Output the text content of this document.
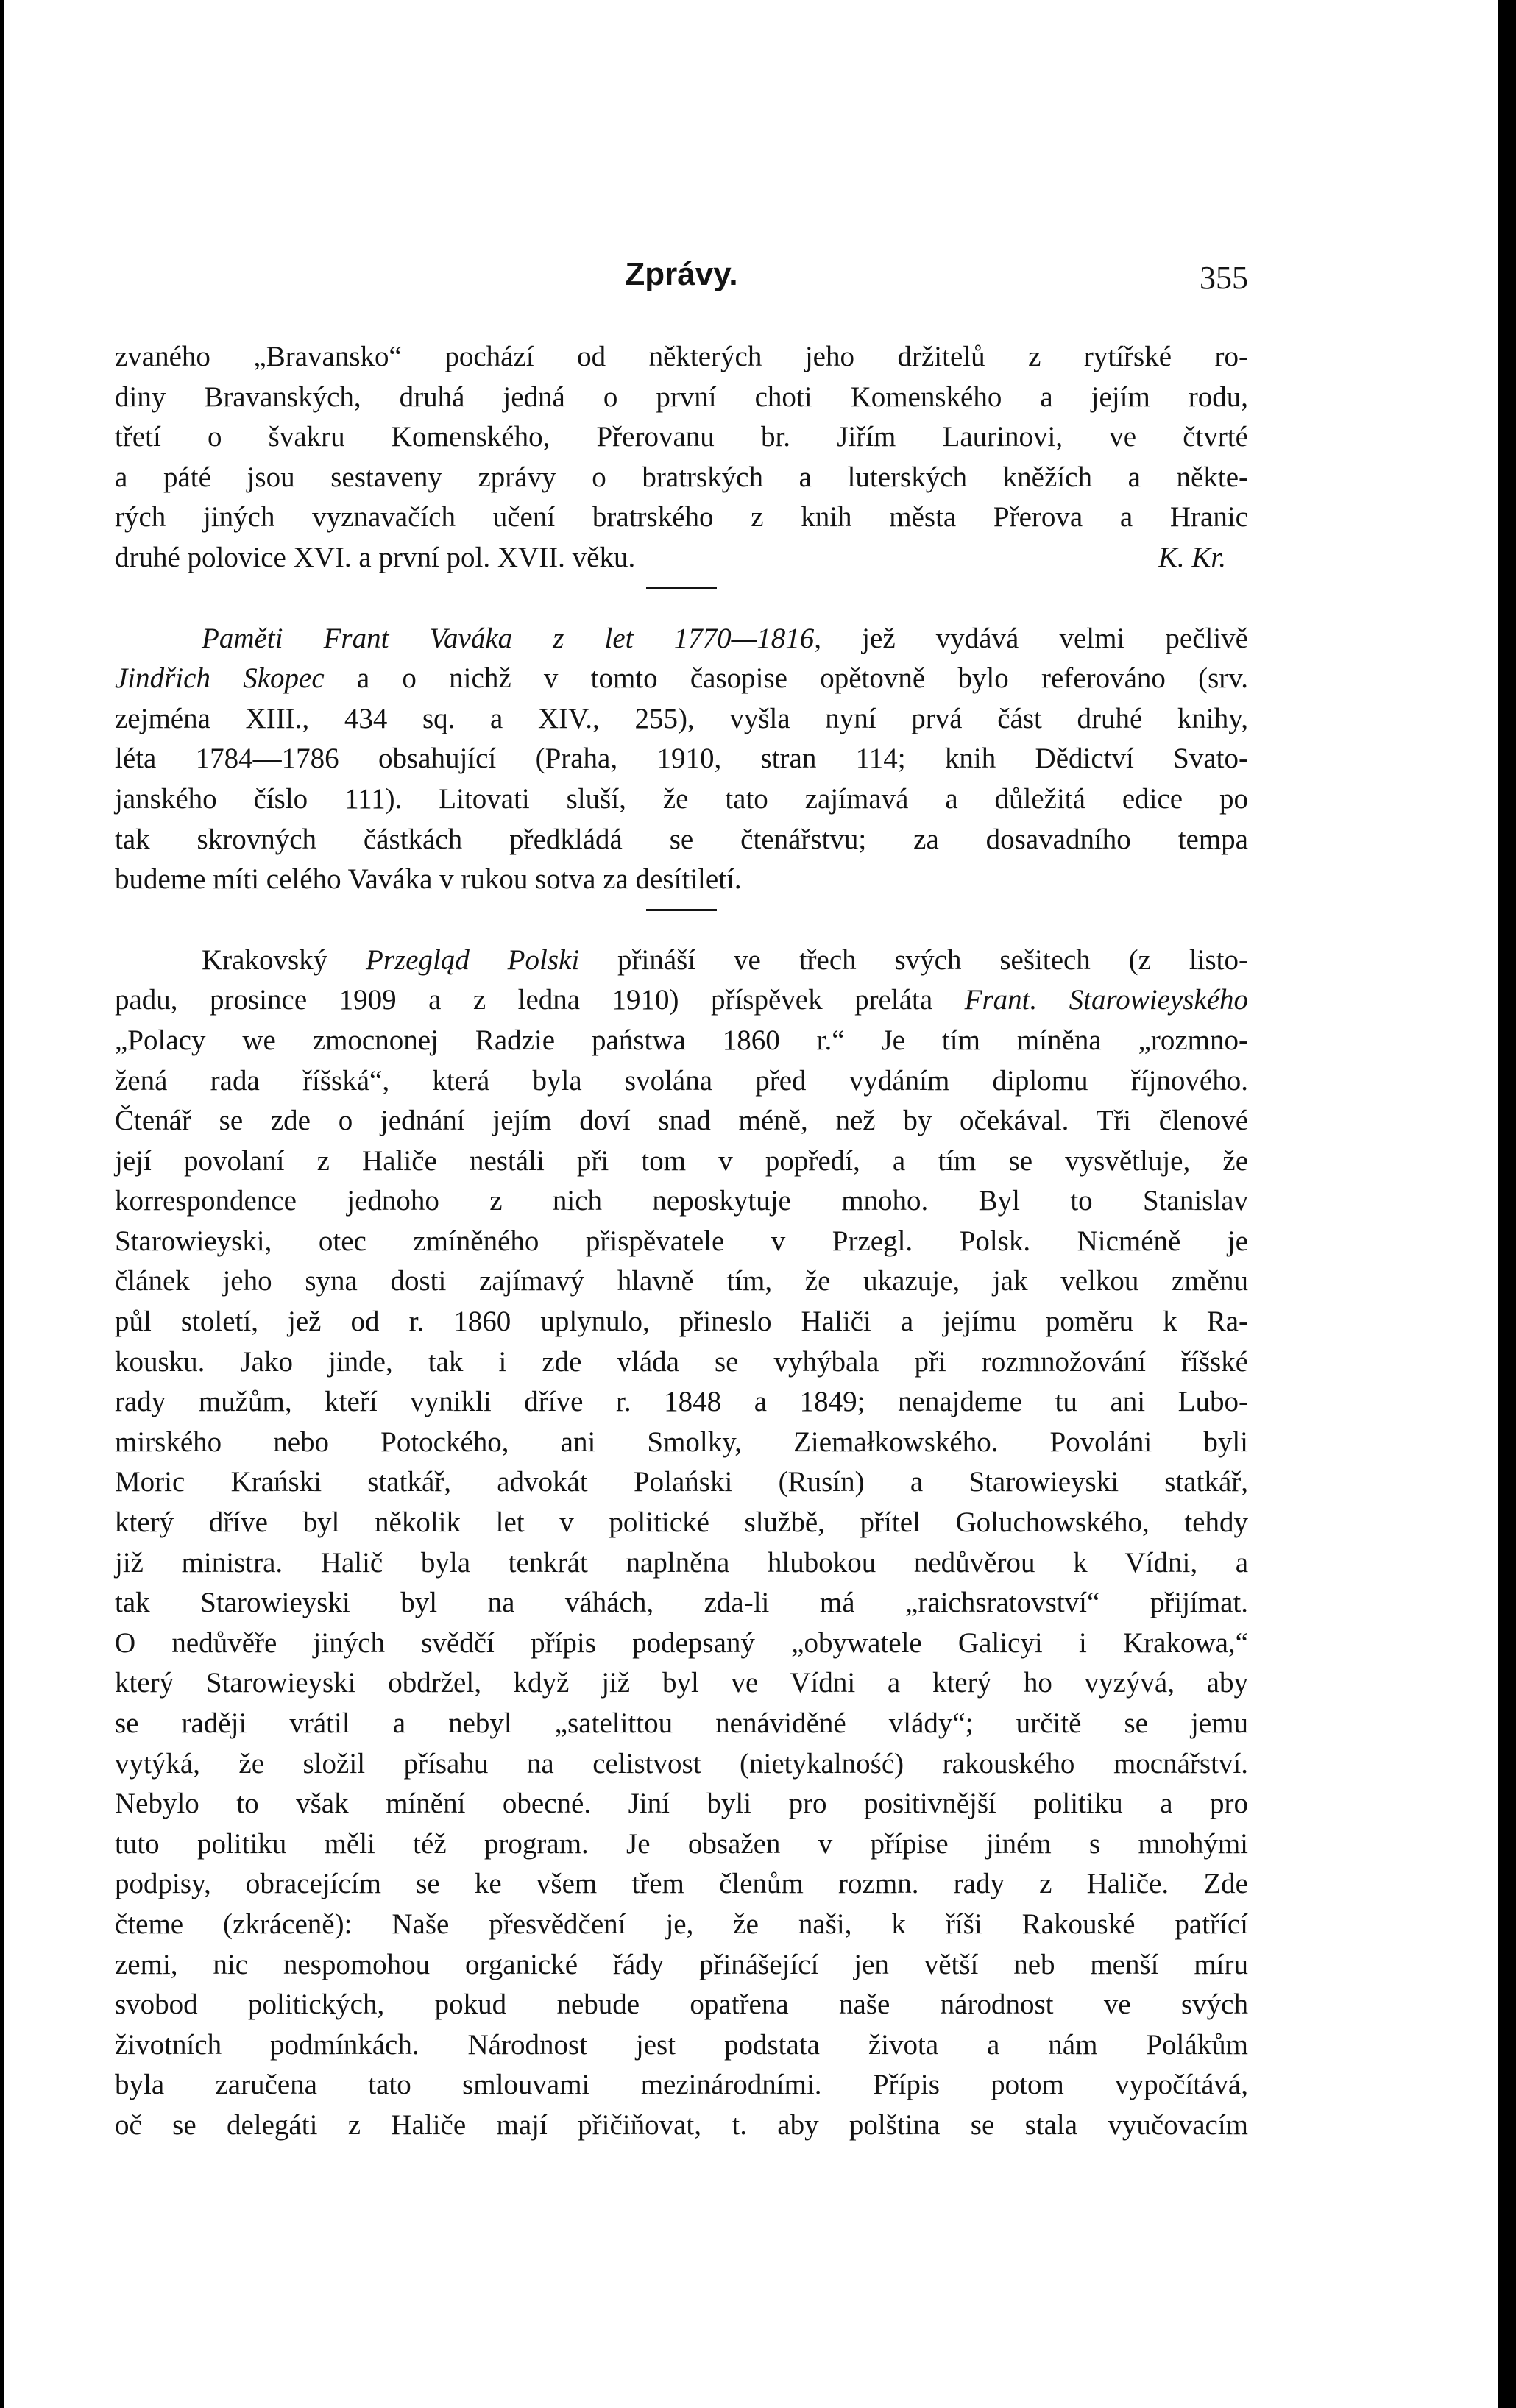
Zprávy.	355
zvaného „Bravansko“ pochází od některých jeho držitelů z rytířské ro-
diny Bravanských, druhá jedná o první choti Komenského a jejím rodu,
třetí o švakru Komenského, Přerovanu br. Jiřím Laurinovi, ve čtvrté
a páté jsou sestaveny zprávy o bratrských a luterských kněžích a někte-
rých jiných vyznavačích učení bratrského z knih města Přerova a Hranic
druhé polovice XVI. a první pol. XVII. věku.	K. Kr.
Paměti Frant Vaváka z let 1770—1816, jež vydává velmi pečlivě
Jindřich Skopec a o nichž v tomto časopise opětovně bylo referováno (srv.
zejména XIII., 434 sq. a XIV., 255), vyšla nyní prvá část druhé knihy,
léta 1784—1786 obsahující (Praha, 1910, stran 114; knih Dědictví Svato-
janského číslo 111). Litovati sluší, že tato zajímavá a důležitá edice po
tak skrovných částkách předkládá se čtenářstvu; za dosavadního tempa
budeme míti celého Vaváka v rukou sotva za desítiletí.
Krakovský Przegląd Polski přináší ve třech svých sešitech (z listo-
padu, prosince 1909 a z ledna 1910) příspěvek preláta Frant. Starowieyského
„Polacy we zmocnonej Radzie państwa 1860 r.“ Je tím míněna „rozmno-
žená rada říšská“, která byla svolána před vydáním diplomu říjnového.
Čtenář se zde o jednání jejím doví snad méně, než by očekával. Tři členové
její povolaní z Haliče nestáli při tom v popředí, a tím se vysvětluje, že
korrespondence jednoho z nich neposkytuje mnoho. Byl to Stanislav
Starowieyski, otec zmíněného přispěvatele v Przegl. Polsk. Nicméně je
článek jeho syna dosti zajímavý hlavně tím, že ukazuje, jak velkou změnu
půl století, jež od r. 1860 uplynulo, přineslo Haliči a jejímu poměru k Ra-
kousku. Jako jinde, tak i zde vláda se vyhýbala při rozmnožování říšské
rady mužům, kteří vynikli dříve r. 1848 a 1849; nenajdeme tu ani Lubo-
mirského nebo Potockého, ani Smolky, Ziemałkowského. Povoláni byli
Moric Krański statkář, advokát Polański (Rusín) a Starowieyski statkář,
který dříve byl několik let v politické službě, přítel Goluchowského, tehdy
již ministra. Halič byla tenkrát naplněna hlubokou nedůvěrou k Vídni, a
tak Starowieyski byl na váhách, zda-li má „raichsratovství“ přijímat.
O nedůvěře jiných svědčí přípis podepsaný „obywatele Galicyi i Krakowa,“
který Starowieyski obdržel, když již byl ve Vídni a který ho vyzývá, aby
se raději vrátil a nebyl „satelittou nenáviděné vlády“; určitě se jemu
vytýká, že složil přísahu na celistvost (nietykalność) rakouského mocnářství.
Nebylo to však mínění obecné. Jiní byli pro positivnější politiku a pro
tuto politiku měli též program. Je obsažen v přípise jiném s mnohými
podpisy, obracejícím se ke všem třem členům rozmn. rady z Haliče. Zde
čteme (zkráceně): Naše přesvědčení je, že naši, k říši Rakouské patřící
zemi, nic nespomohou organické řády přinášející jen větší neb menší míru
svobod politických, pokud nebude opatřena naše národnost ve svých
životních podmínkách. Národnost jest podstata života a nám Polákům
byla zaručena tato smlouvami mezinárodními. Přípis potom vypočítává,
oč se delegáti z Haliče mají přičiňovat, t. aby polština se stala vyučovacím
